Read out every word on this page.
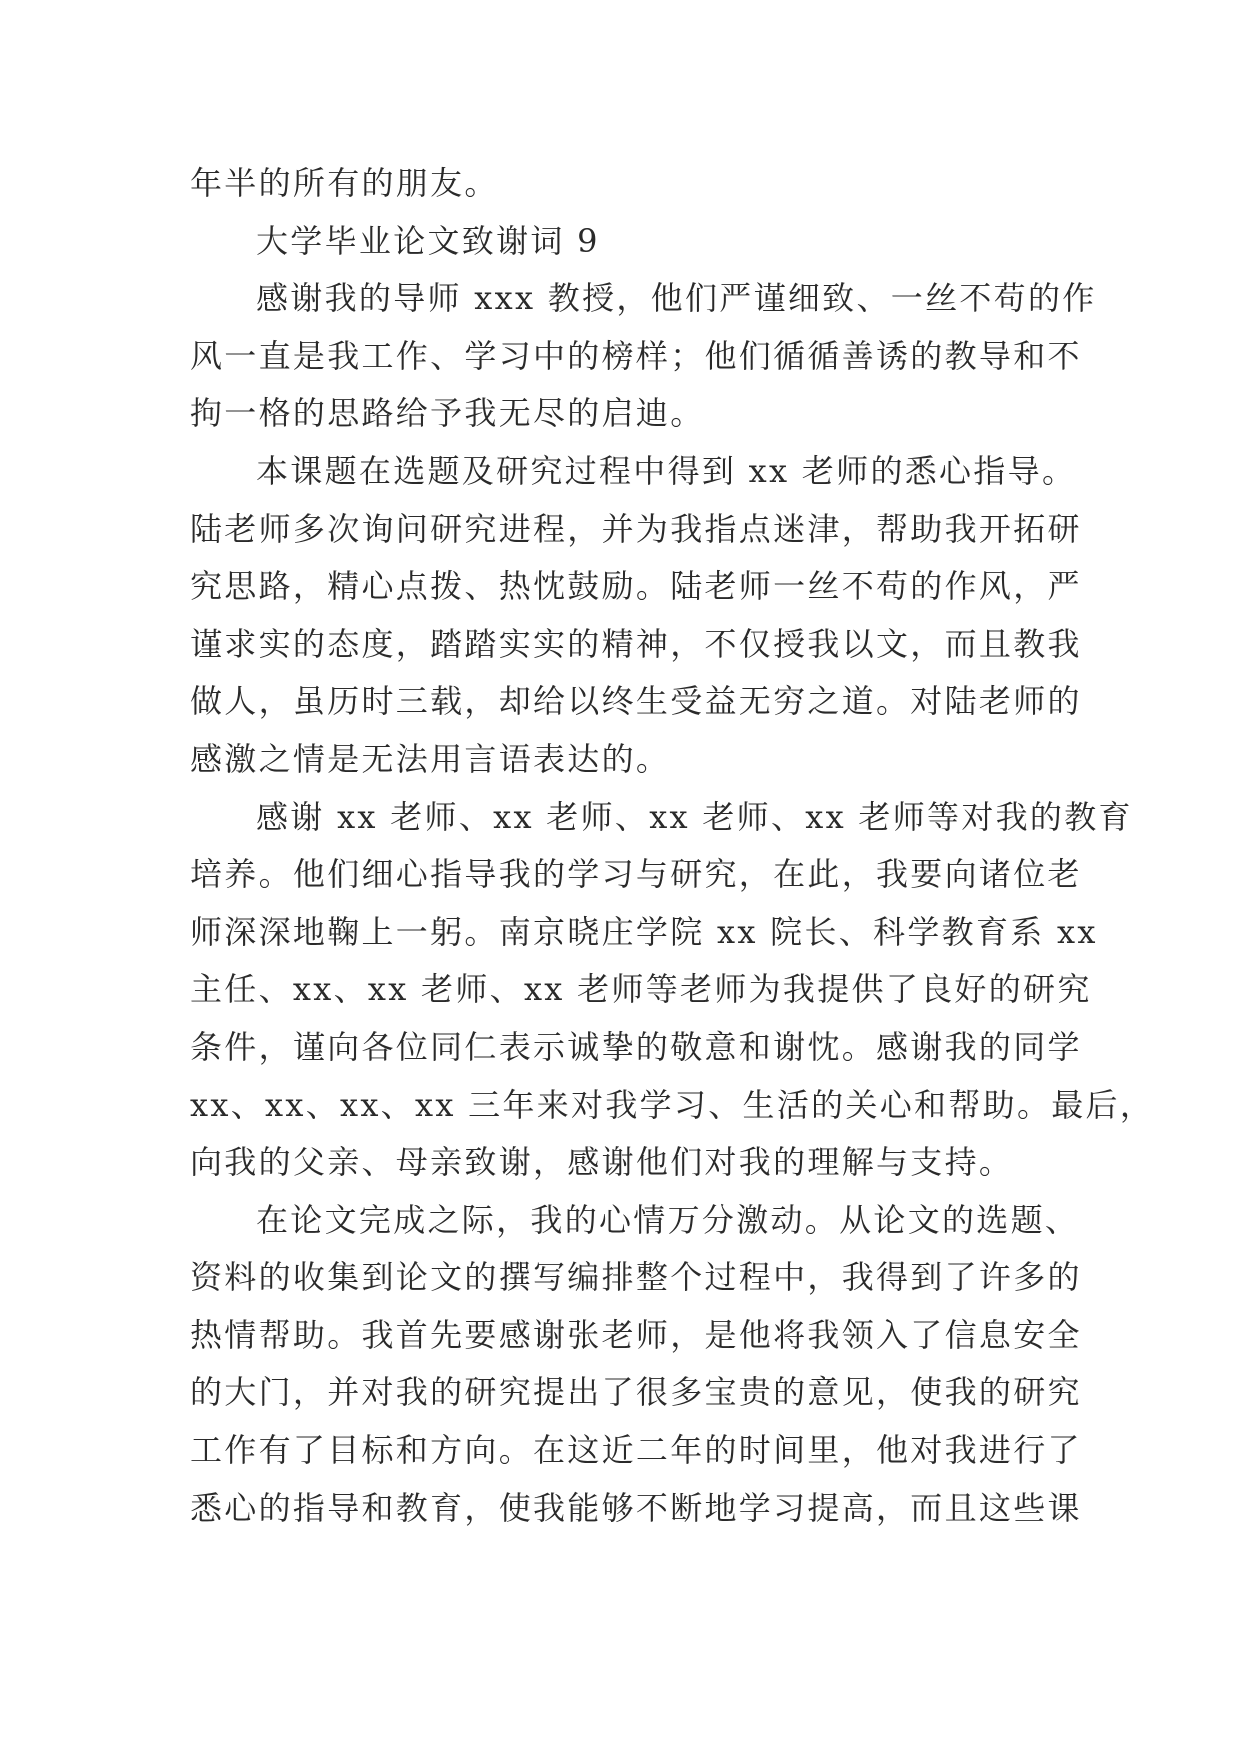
年半的所有的朋友。
大学毕业论文致谢词 9
感谢我的导师 xxx 教授，他们严谨细致、一丝不苟的作
风一直是我工作、学习中的榜样；他们循循善诱的教导和不
拘一格的思路给予我无尽的启迪。
本课题在选题及研究过程中得到 xx 老师的悉心指导。
陆老师多次询问研究进程，并为我指点迷津，帮助我开拓研
究思路，精心点拨、热忱鼓励。陆老师一丝不苟的作风，严
谨求实的态度，踏踏实实的精神，不仅授我以文，而且教我
做人，虽历时三载，却给以终生受益无穷之道。对陆老师的
感激之情是无法用言语表达的。
感谢 xx 老师、xx 老师、xx 老师、xx 老师等对我的教育
培养。他们细心指导我的学习与研究，在此，我要向诸位老
师深深地鞠上一躬。南京晓庄学院 xx 院长、科学教育系 xx
主任、xx、xx 老师、xx 老师等老师为我提供了良好的研究
条件，谨向各位同仁表示诚挚的敬意和谢忱。感谢我的同学
xx、xx、xx、xx 三年来对我学习、生活的关心和帮助。最后，
向我的父亲、母亲致谢，感谢他们对我的理解与支持。
在论文完成之际，我的心情万分激动。从论文的选题、
资料的收集到论文的撰写编排整个过程中，我得到了许多的
热情帮助。我首先要感谢张老师，是他将我领入了信息安全
的大门，并对我的研究提出了很多宝贵的意见，使我的研究
工作有了目标和方向。在这近二年的时间里，他对我进行了
悉心的指导和教育，使我能够不断地学习提高，而且这些课
